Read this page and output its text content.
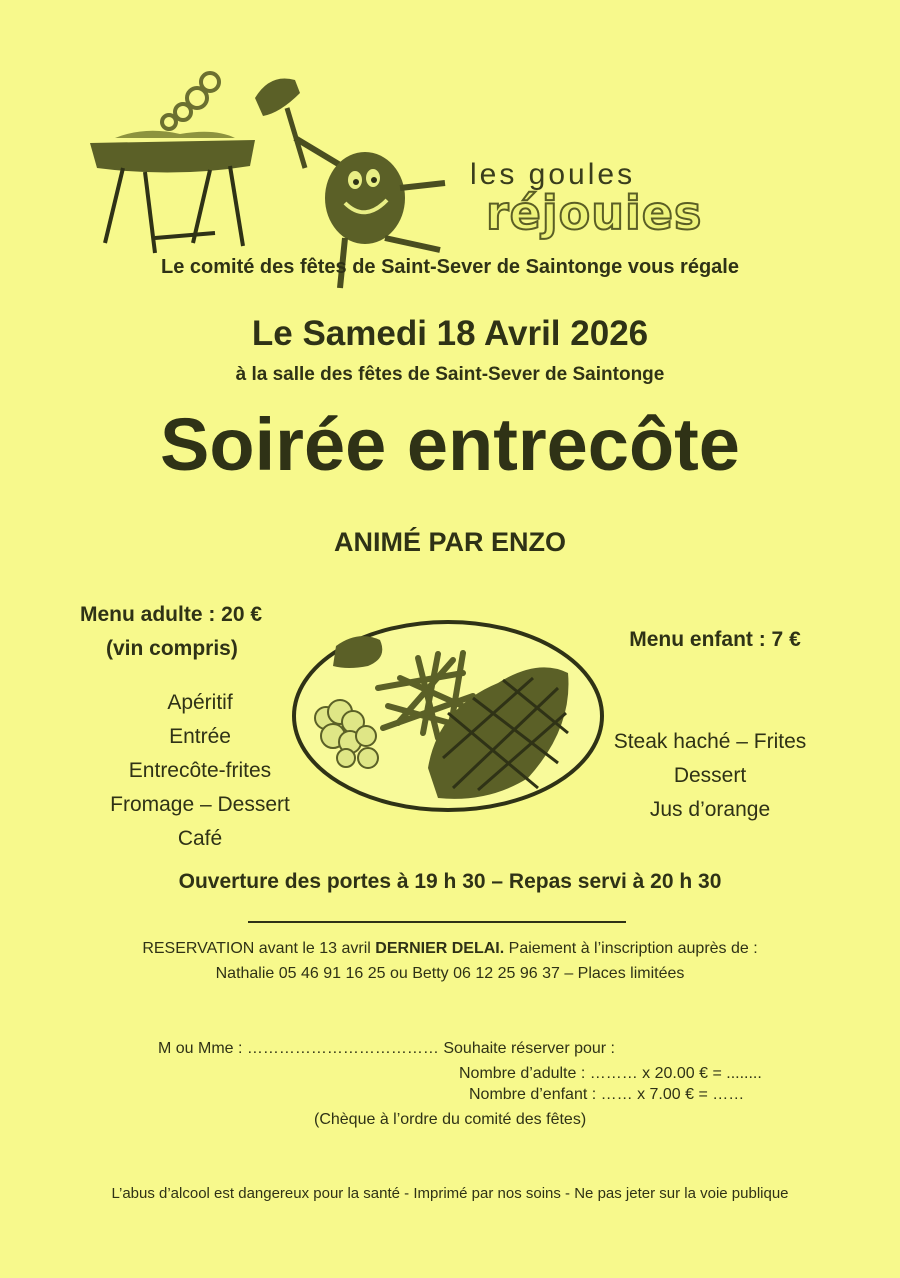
les goules
réjouies
Le comité des fêtes de Saint-Sever de Saintonge vous régale
Le Samedi 18 Avril 2026
à la salle des fêtes de Saint-Sever de Saintonge
Soirée entrecôte
ANIMÉ PAR ENZO
Menu adulte : 20 €
(vin compris)
Apéritif
Entrée
Entrecôte-frites
Fromage – Dessert
Café
Menu enfant : 7 €
Steak haché – Frites
Dessert
Jus d’orange
Ouverture des portes à 19 h 30 – Repas servi à 20 h 30
RESERVATION avant le 13 avril DERNIER DELAI. Paiement à l’inscription auprès de :
Nathalie 05 46 91 16 25 ou Betty 06 12 25 96 37 – Places limitées
M ou Mme : ……………………………… Souhaite réserver pour :
Nombre d’adulte : ……… x 20.00 € = ........
Nombre d’enfant : …… x 7.00 € = ……
(Chèque à l’ordre du comité des fêtes)
L’abus d’alcool est dangereux pour la santé - Imprimé par nos soins - Ne pas jeter sur la voie publique
